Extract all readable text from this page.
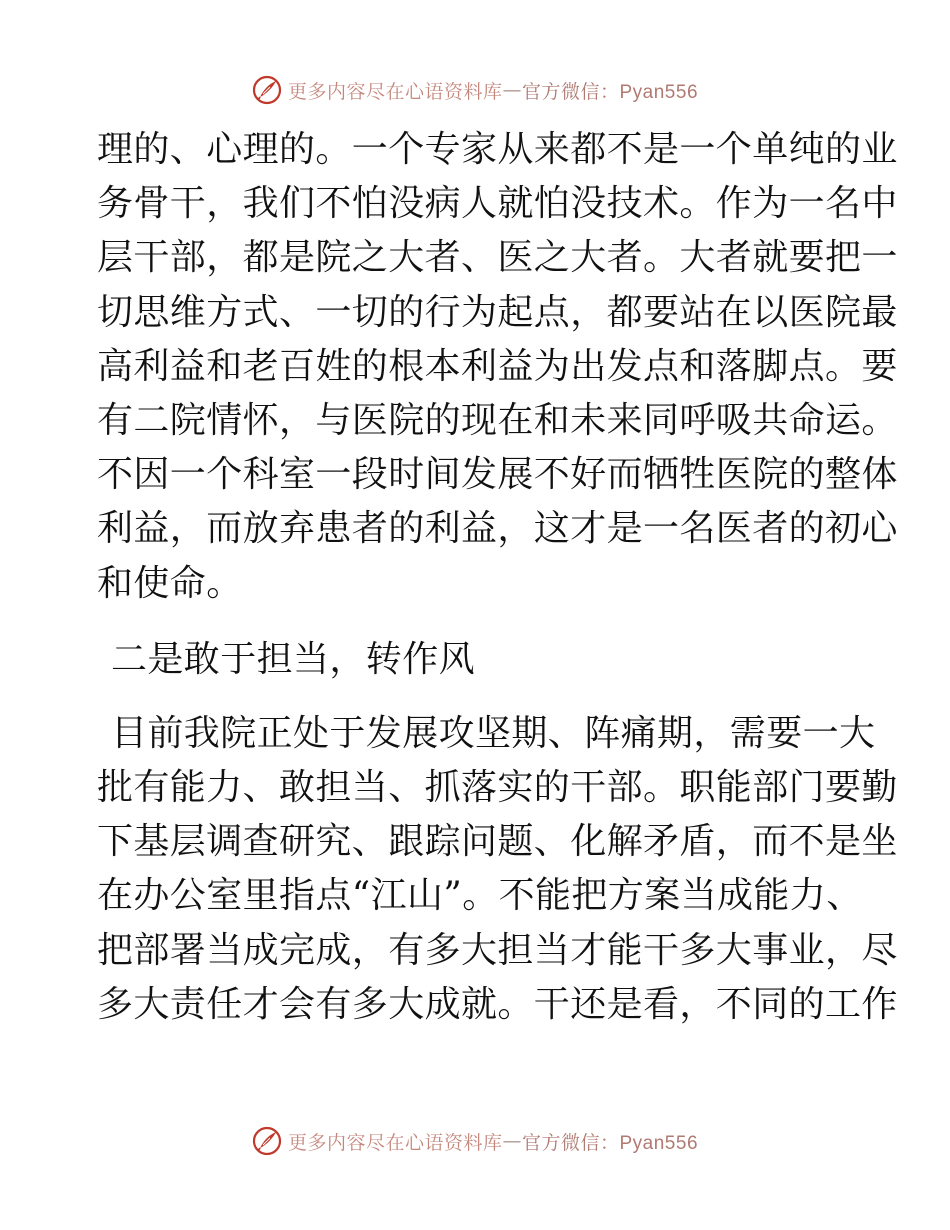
更多内容尽在心语资料库 — 官方微信：Pyan556
理的、心理的。一个专家从来都不是一个单纯的业
务骨干，我们不怕没病人就怕没技术。作为一名中
层干部，都是院之大者、医之大者。大者就要把一
切思维方式、一切的行为起点，都要站在以医院最
高利益和老百姓的根本利益为出发点和落脚点。要
有二院情怀，与医院的现在和未来同呼吸共命运。
不因一个科室一段时间发展不好而牺牲医院的整体
利益，而放弃患者的利益，这才是一名医者的初心
和使命。
二是敢于担当，转作风
目前我院正处于发展攻坚期、阵痛期，需要一大
批有能力、敢担当、抓落实的干部。职能部门要勤
下基层调查研究、跟踪问题、化解矛盾，而不是坐
在办公室里指点“江山”。不能把方案当成能力、
把部署当成完成，有多大担当才能干多大事业，尽
多大责任才会有多大成就。干还是看，不同的工作
更多内容尽在心语资料库 — 官方微信：Pyan556
